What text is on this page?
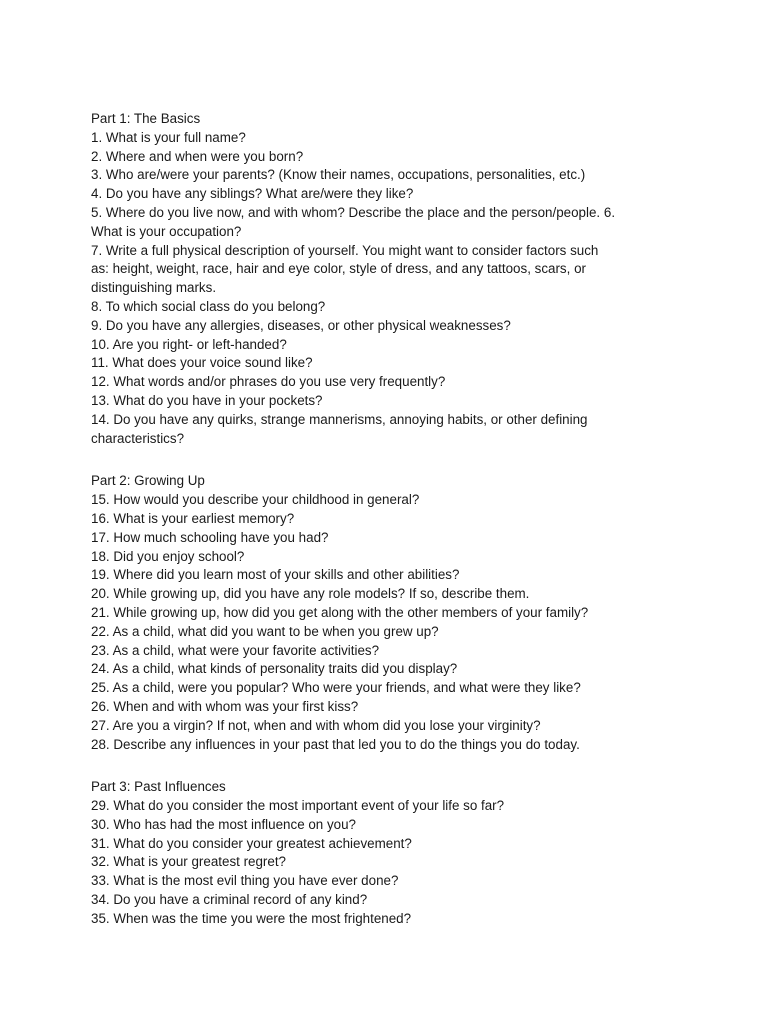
Part 1: The Basics
1. What is your full name?
2. Where and when were you born?
3. Who are/were your parents? (Know their names, occupations, personalities, etc.)
4. Do you have any siblings? What are/were they like?
5. Where do you live now, and with whom? Describe the place and the person/people. 6.
What is your occupation?
7. Write a full physical description of yourself. You might want to consider factors such
as: height, weight, race, hair and eye color, style of dress, and any tattoos, scars, or
distinguishing marks.
8. To which social class do you belong?
9. Do you have any allergies, diseases, or other physical weaknesses?
10. Are you right- or left-handed?
11. What does your voice sound like?
12. What words and/or phrases do you use very frequently?
13. What do you have in your pockets?
14. Do you have any quirks, strange mannerisms, annoying habits, or other defining
characteristics?
Part 2: Growing Up
15. How would you describe your childhood in general?
16. What is your earliest memory?
17. How much schooling have you had?
18. Did you enjoy school?
19. Where did you learn most of your skills and other abilities?
20. While growing up, did you have any role models? If so, describe them.
21. While growing up, how did you get along with the other members of your family?
22. As a child, what did you want to be when you grew up?
23. As a child, what were your favorite activities?
24. As a child, what kinds of personality traits did you display?
25. As a child, were you popular? Who were your friends, and what were they like?
26. When and with whom was your first kiss?
27. Are you a virgin? If not, when and with whom did you lose your virginity?
28. Describe any influences in your past that led you to do the things you do today.
Part 3: Past Influences
29. What do you consider the most important event of your life so far?
30. Who has had the most influence on you?
31. What do you consider your greatest achievement?
32. What is your greatest regret?
33. What is the most evil thing you have ever done?
34. Do you have a criminal record of any kind?
35. When was the time you were the most frightened?
